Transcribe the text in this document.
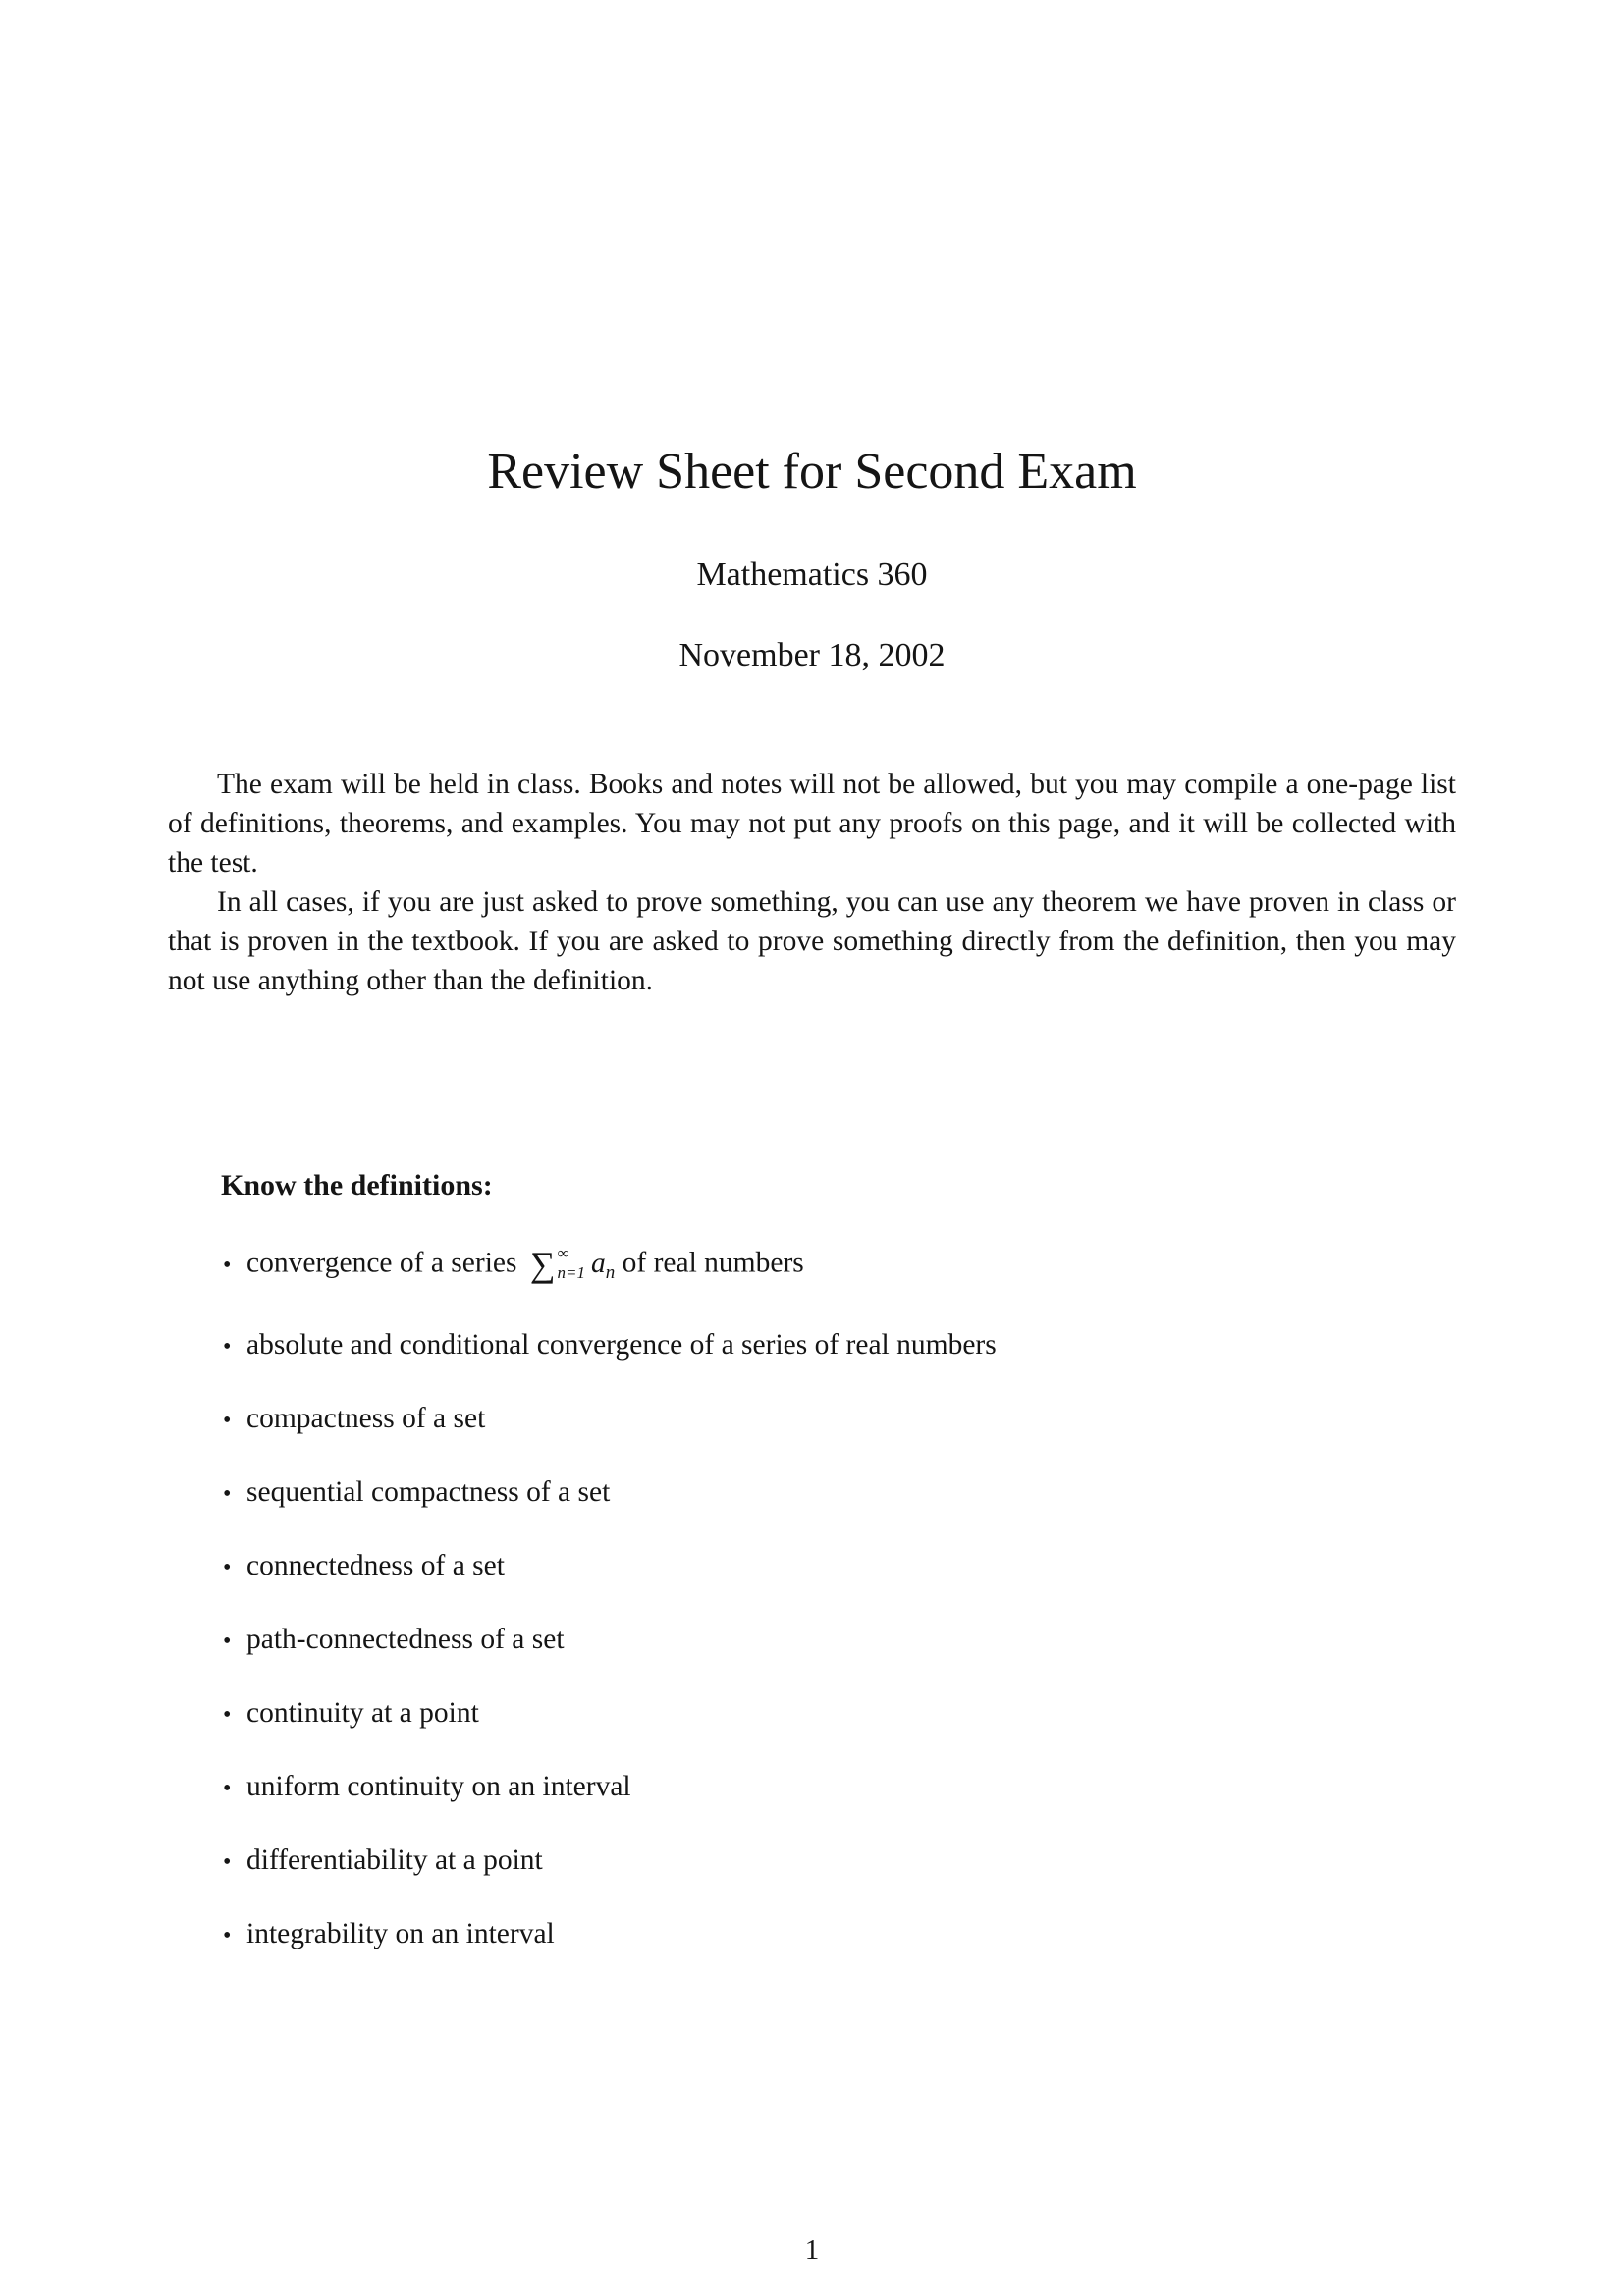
Review Sheet for Second Exam
Mathematics 360
November 18, 2002

The exam will be held in class. Books and notes will not be allowed, but you may compile a one-page list of definitions, theorems, and examples. You may not put any proofs on this page, and it will be collected with the test.

In all cases, if you are just asked to prove something, you can use any theorem we have proven in class or that is proven in the textbook. If you are asked to prove something directly from the definition, then you may not use anything other than the definition.

Know the definitions:
• convergence of a series ∑ ∞
n=1 $a_n$ of real numbers
• absolute and conditional convergence of a series of real numbers
• compactness of a set
• sequential compactness of a set
• connectedness of a set
• path-connectedness of a set
• continuity at a point
• uniform continuity on an interval
• differentiability at a point
• integrability on an interval
1
